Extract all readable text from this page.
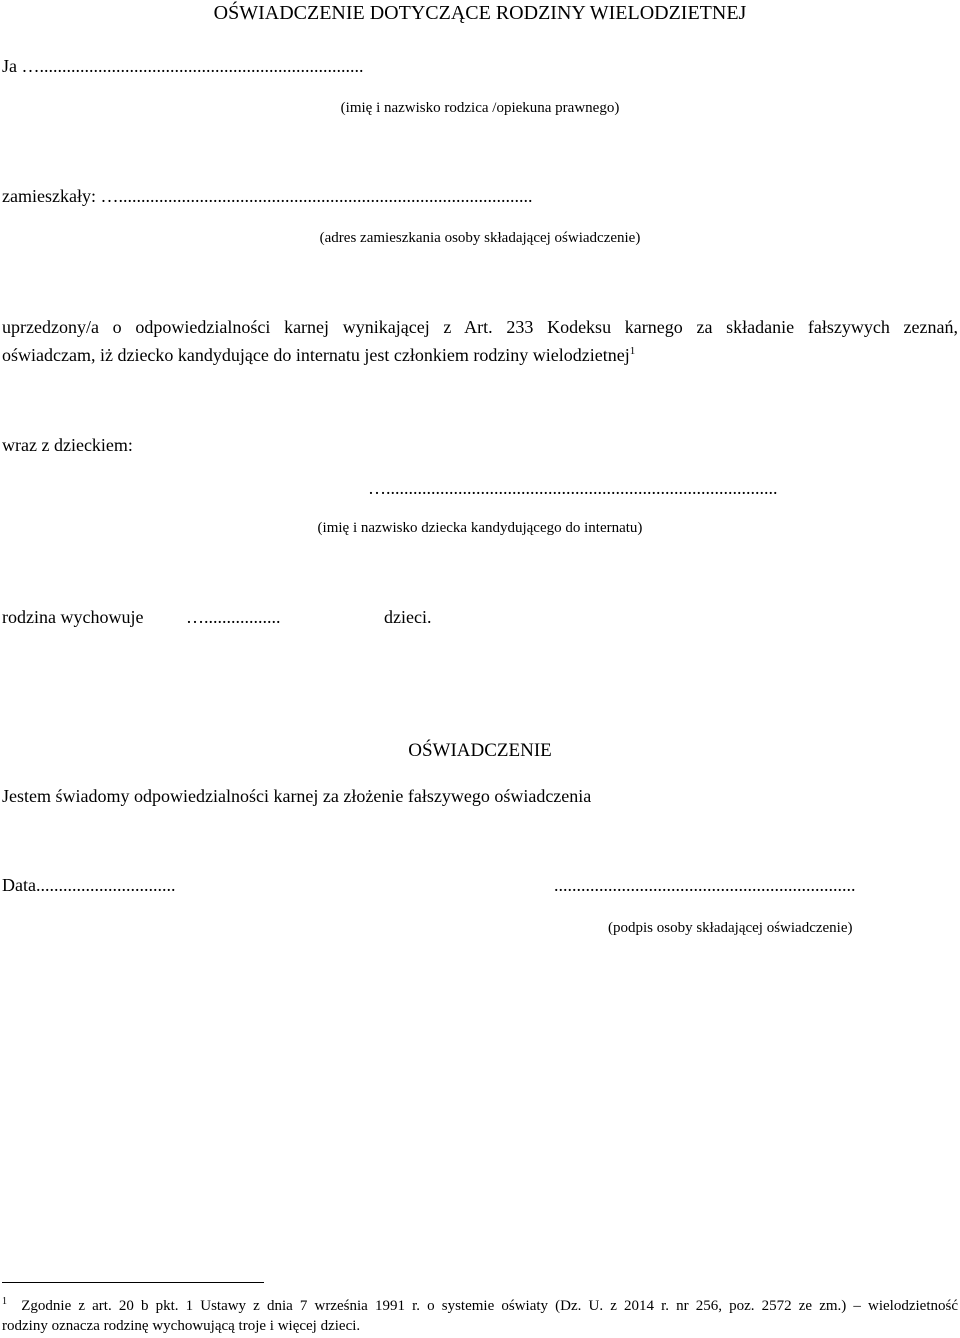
OŚWIADCZENIE DOTYCZĄCE RODZINY WIELODZIETNEJ
Ja …........................................................................
(imię i nazwisko rodzica /opiekuna prawnego)
zamieszkały: …............................................................................................
(adres zamieszkania osoby składającej oświadczenie)
uprzedzony/a o odpowiedzialności karnej wynikającej z Art. 233 Kodeksu karnego za składanie fałszywych zeznań,
oświadczam, iż dziecko kandydujące do internatu jest członkiem rodziny wielodzietnej$^1$
wraz z dzieckiem:
….......................................................................................
(imię i nazwisko dziecka kandydującego do internatu)
rodzina wychowuje ….................	dzieci.
OŚWIADCZENIE
Jestem świadomy odpowiedzialności karnej za złożenie fałszywego oświadczenia
Data...............................	...................................................................
(podpis osoby składającej oświadczenie)
$^1$ Zgodnie z art. 20 b pkt. 1 Ustawy z dnia 7 września 1991 r. o systemie oświaty (Dz. U. z 2014 r. nr 256, poz. 2572 ze zm.) – wielodzietność
rodziny oznacza rodzinę wychowującą troje i więcej dzieci.
